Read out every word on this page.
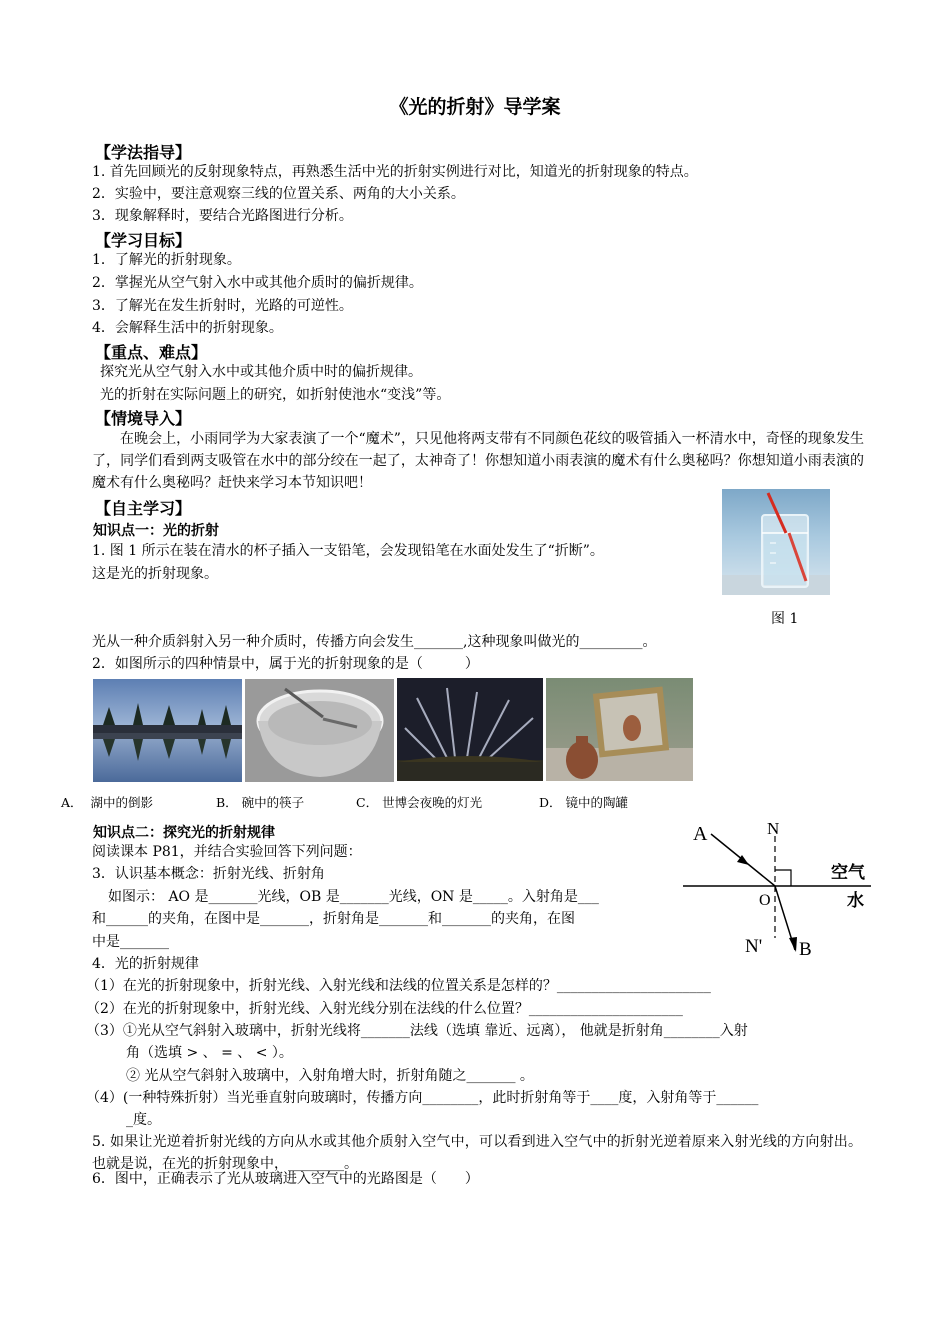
《光的折射》导学案
【学法指导】
1. 首先回顾光的反射现象特点，再熟悉生活中光的折射实例进行对比，知道光的折射现象的特点。
2．实验中，要注意观察三线的位置关系、两角的大小关系。
3．现象解释时，要结合光路图进行分析。
【学习目标】
1．了解光的折射现象。
2．掌握光从空气射入水中或其他介质时的偏折规律。
3．了解光在发生折射时，光路的可逆性。
4．会解释生活中的折射现象。
【重点、难点】
探究光从空气射入水中或其他介质中时的偏折规律。
光的折射在实际问题上的研究，如折射使池水“变浅”等。
【情境导入】
在晚会上，小雨同学为大家表演了一个“魔术”，只见他将两支带有不同颜色花纹的吸管插入一杯清水中，奇怪的现象发生了，同学们看到两支吸管在水中的部分绞在一起了，太神奇了！你想知道小雨表演的魔术有什么奥秘吗？你想知道小雨表演的魔术有什么奥秘吗？赶快来学习本节知识吧！
【自主学习】
知识点一：光的折射
1. 图 1 所示在装在清水的杯子插入一支铅笔，会发现铅笔在水面处发生了“折断”。
这是光的折射现象。
图 1
光从一种介质斜射入另一种介质时，传播方向会发生_______,这种现象叫做光的_________。
2．如图所示的四种情景中，属于光的折射现象的是（　　　）
A． 湖中的倒影	B． 碗中的筷子	C． 世博会夜晚的灯光	D． 镜中的陶罐
知识点二：探究光的折射规律
阅读课本 P81，并结合实验回答下列问题：
3．认识基本概念：折射光线、折射角
如图示： AO 是_______光线，OB 是_______光线，ON 是_____。入射角是___
和______的夹角，在图中是_______，折射角是_______和_______的夹角，在图
中是_______
A	N
O
N' B
空气
水
4．光的折射规律
（1）在光的折射现象中，折射光线、入射光线和法线的位置关系是怎样的？______________________
（2）在光的折射现象中，折射光线、入射光线分别在法线的什么位置？______________________
（3）①光从空气斜射入玻璃中，折射光线将_______法线（选填 靠近、远离）， 他就是折射角________入射
角（选填 > 、 = 、 < ）。
② 光从空气斜射入玻璃中，入射角增大时，折射角随之_______ 。
（4）(一种特殊折射）当光垂直射向玻璃时，传播方向________，此时折射角等于____度，入射角等于______
_度。
5. 如果让光逆着折射光线的方向从水或其他介质射入空气中，可以看到进入空气中的折射光逆着原来入射光线的方向射出。也就是说，在光的折射现象中，________。
6．图中，正确表示了光从玻璃进入空气中的光路图是（　　）
